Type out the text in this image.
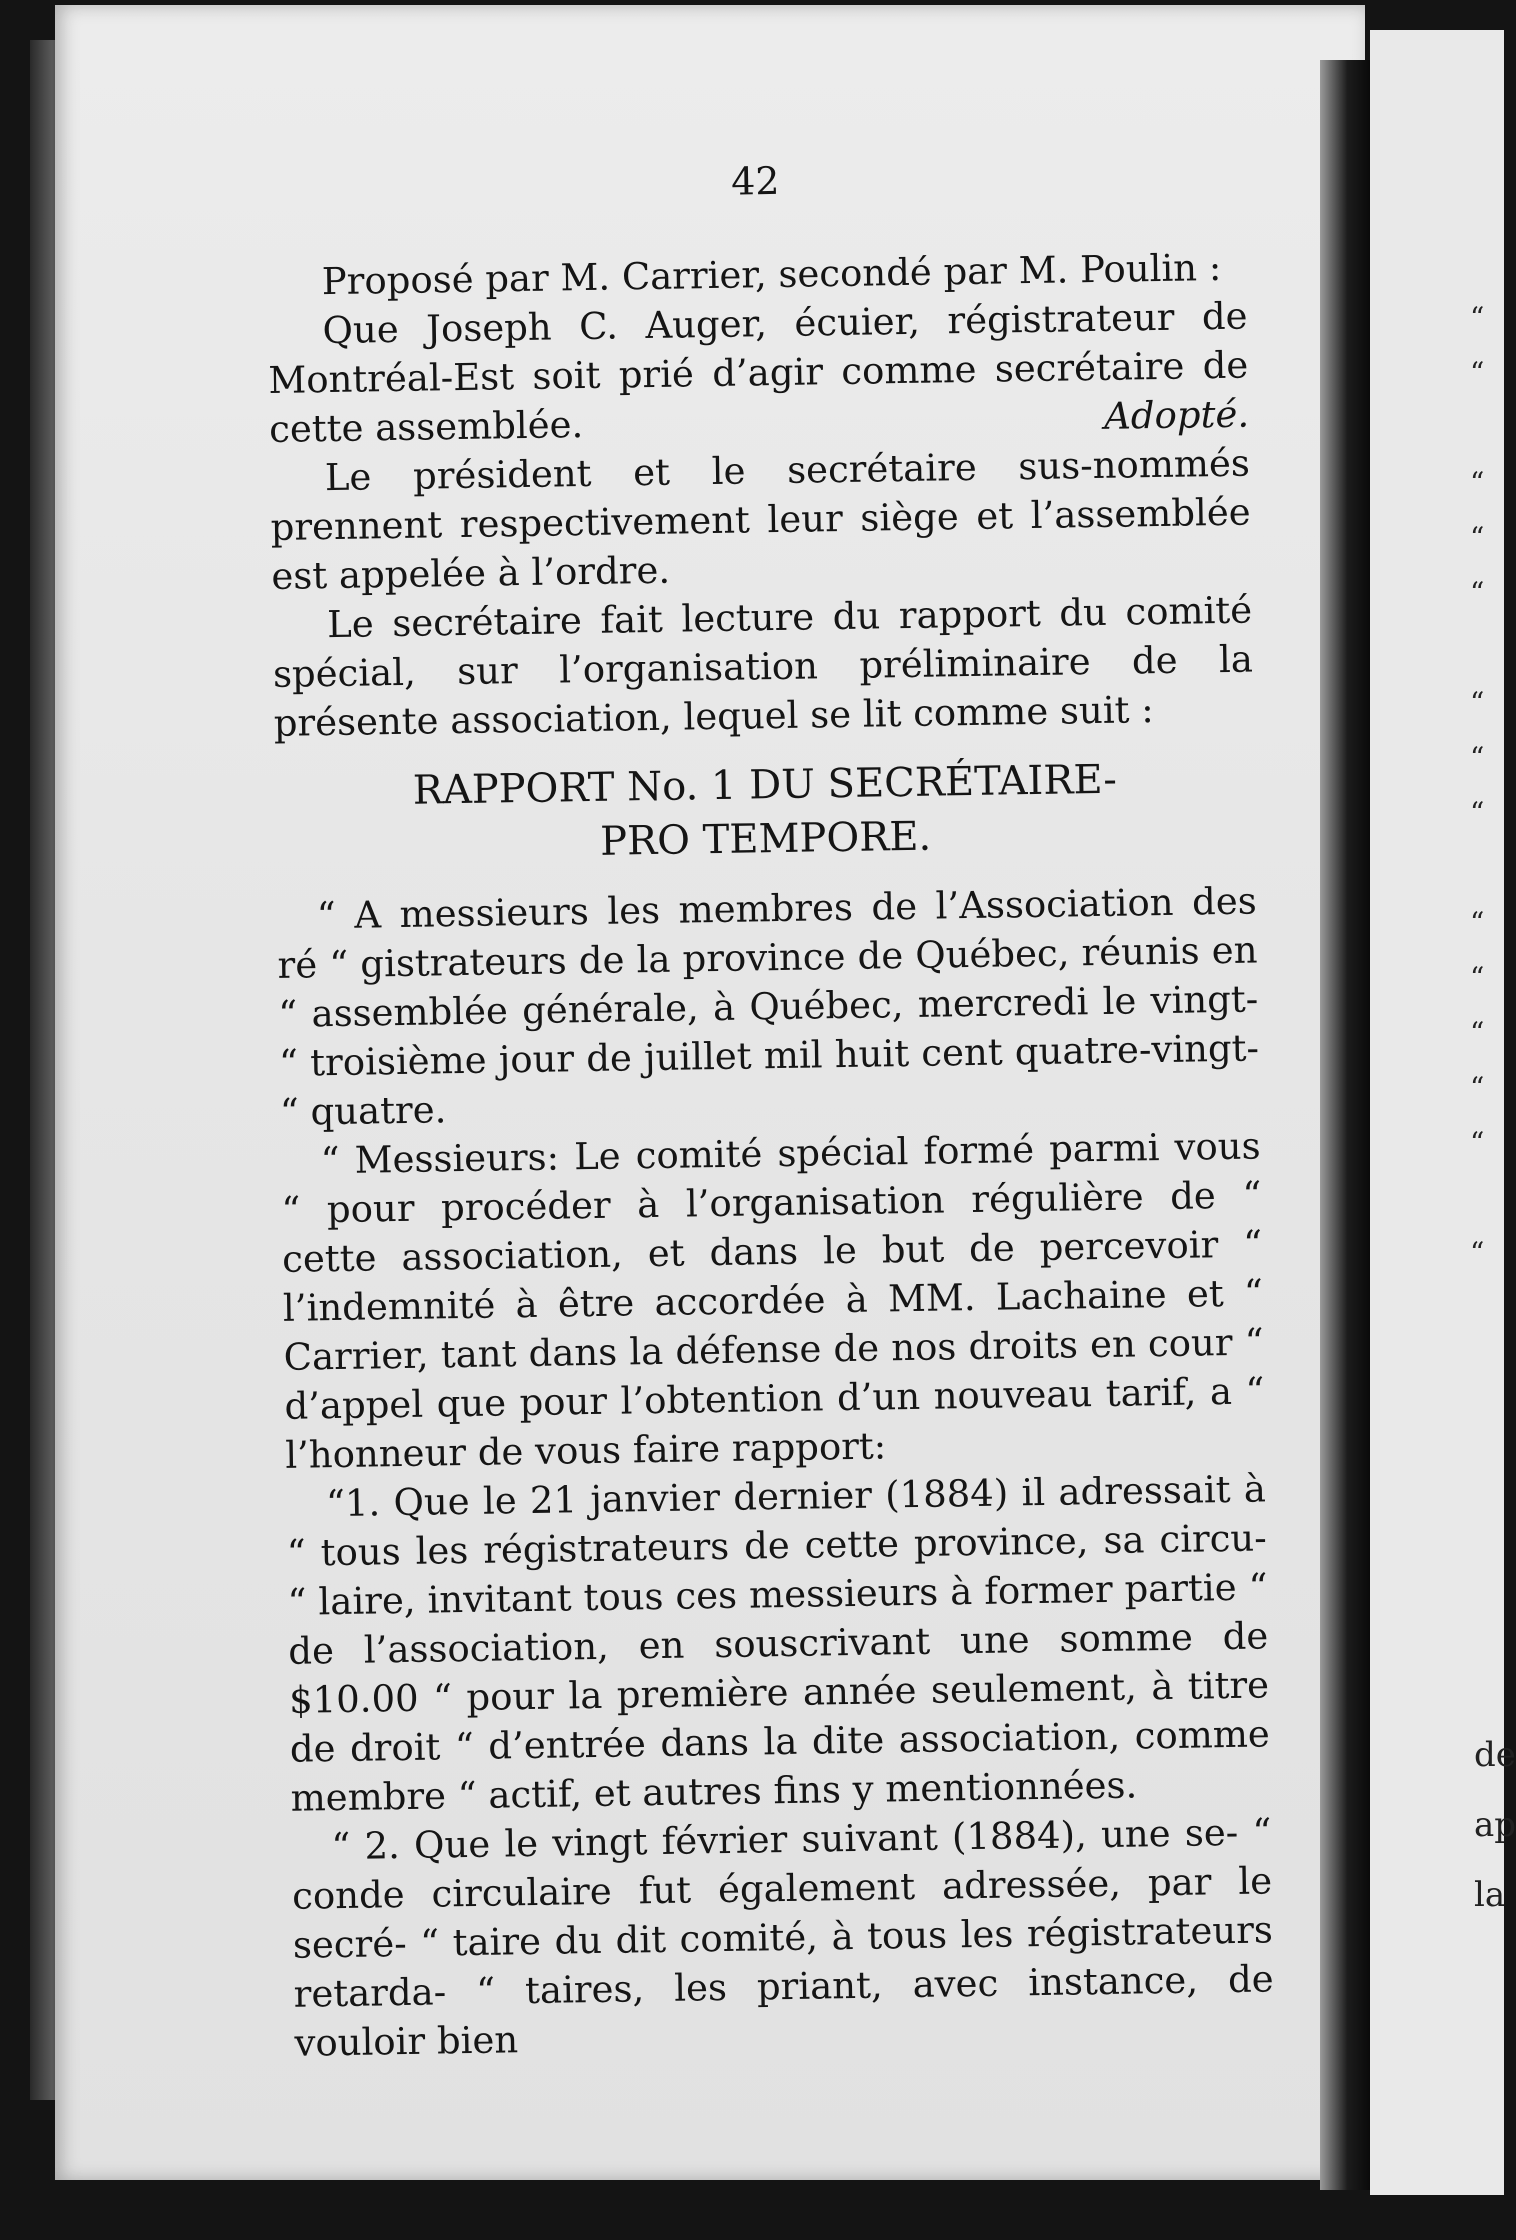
42

Proposé par M. Carrier, secondé par M. Poulin :

Que Joseph C. Auger, écuier, régistrateur de Montréal-Est soit prié d’agir comme secrétaire de cette assemblée.	Adopté.

Le président et le secrétaire sus-nommés prennent respectivement leur siège et l’assemblée est appelée à l’ordre.

Le secrétaire fait lecture du rapport du comité spécial, sur l’organisation préliminaire de la présente association, lequel se lit comme suit :

RAPPORT No. 1 DU SECRÉTAIRE-
PRO TEMPORE.

“ A messieurs les membres de l’Association des ré “ gistrateurs de la province de Québec, réunis en “ assemblée générale, à Québec, mercredi le vingt- “ troisième jour de juillet mil huit cent quatre-vingt- “ quatre.

“ Messieurs: Le comité spécial formé parmi vous “ pour procéder à l’organisation régulière de “ cette association, et dans le but de percevoir “ l’indemnité à être accordée à MM. Lachaine et “ Carrier, tant dans la défense de nos droits en cour “ d’appel que pour l’obtention d’un nouveau tarif, a “ l’honneur de vous faire rapport:

“1. Que le 21 janvier dernier (1884) il adressait à “ tous les régistrateurs de cette province, sa circu- “ laire, invitant tous ces messieurs à former partie “ de l’association, en souscrivant une somme de $10.00 “ pour la première année seulement, à titre de droit “ d’entrée dans la dite association, comme membre “ actif, et autres fins y mentionnées.

“ 2. Que le vingt février suivant (1884), une se- “ conde circulaire fut également adressée, par le secré- “ taire du dit comité, à tous les régistrateurs retarda- “ taires, les priant, avec instance, de vouloir bien

“
“

“
“
“

“
“
“

“
“
“
“
“

“
de
ap
la
